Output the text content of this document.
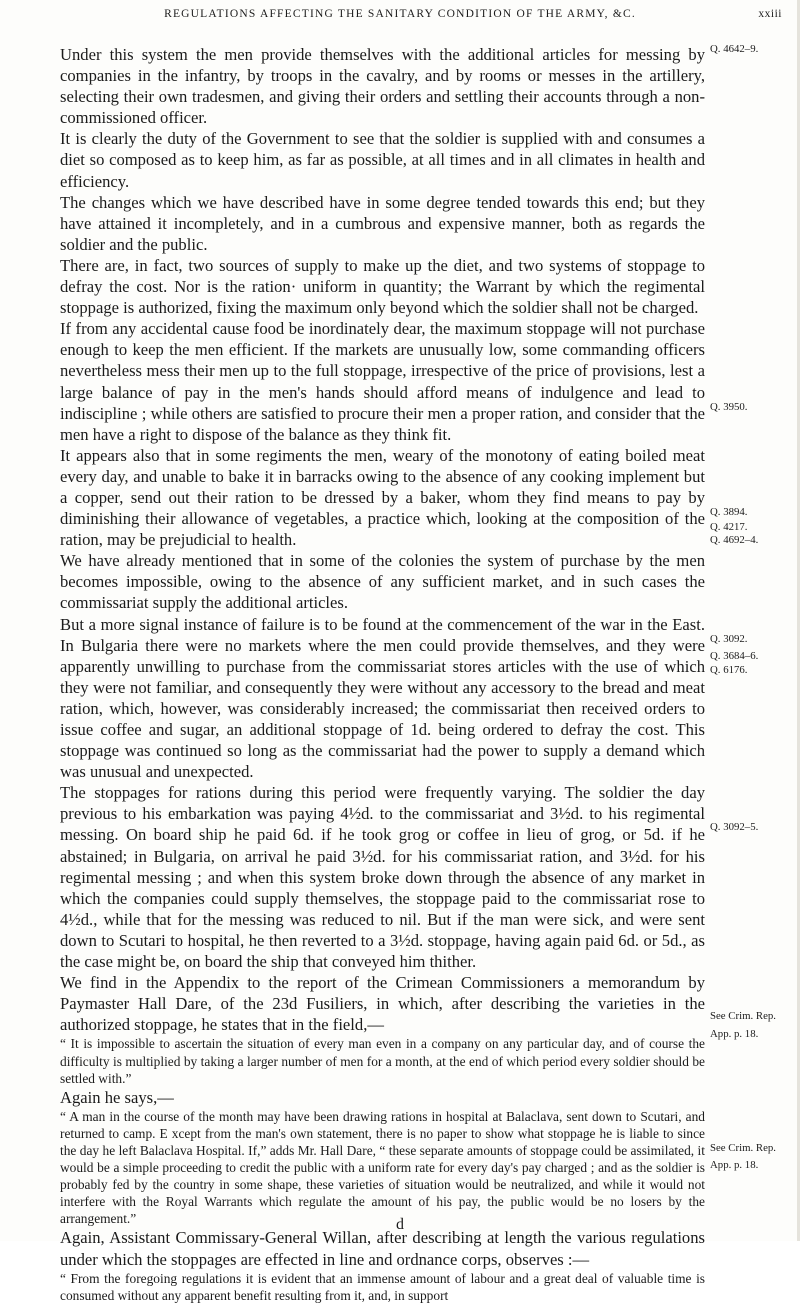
REGULATIONS AFFECTING THE SANITARY CONDITION OF THE ARMY, &C.	xxiii

Under this system the men provide themselves with the additional articles for messing by companies in the infantry, by troops in the cavalry, and by rooms or messes in the artillery, selecting their own tradesmen, and giving their orders and settling their accounts through a non-commissioned officer.

It is clearly the duty of the Government to see that the soldier is supplied with and consumes a diet so composed as to keep him, as far as possible, at all times and in all climates in health and efficiency.

The changes which we have described have in some degree tended towards this end; but they have attained it incompletely, and in a cumbrous and expensive manner, both as regards the soldier and the public.

There are, in fact, two sources of supply to make up the diet, and two systems of stoppage to defray the cost. Nor is the ration· uniform in quantity; the Warrant by which the regimental stoppage is authorized, fixing the maximum only beyond which the soldier shall not be charged.

If from any accidental cause food be inordinately dear, the maximum stoppage will not purchase enough to keep the men efficient. If the markets are unusually low, some commanding officers nevertheless mess their men up to the full stoppage, irrespective of the price of provisions, lest a large balance of pay in the men's hands should afford means of indulgence and lead to indiscipline ; while others are satisfied to procure their men a proper ration, and consider that the men have a right to dispose of the balance as they think fit.

It appears also that in some regiments the men, weary of the monotony of eating boiled meat every day, and unable to bake it in barracks owing to the absence of any cooking implement but a copper, send out their ration to be dressed by a baker, whom they find means to pay by diminishing their allowance of vegetables, a practice which, looking at the composition of the ration, may be prejudicial to health.

We have already mentioned that in some of the colonies the system of purchase by the men becomes impossible, owing to the absence of any sufficient market, and in such cases the commissariat supply the additional articles.

But a more signal instance of failure is to be found at the commencement of the war in the East. In Bulgaria there were no markets where the men could provide themselves, and they were apparently unwilling to purchase from the commissariat stores articles with the use of which they were not familiar, and consequently they were without any accessory to the bread and meat ration, which, however, was considerably increased; the commissariat then received orders to issue coffee and sugar, an additional stoppage of 1d. being ordered to defray the cost. This stoppage was continued so long as the commissariat had the power to supply a demand which was unusual and unexpected.

The stoppages for rations during this period were frequently varying. The soldier the day previous to his embarkation was paying 4½d. to the commissariat and 3½d. to his regimental messing. On board ship he paid 6d. if he took grog or coffee in lieu of grog, or 5d. if he abstained; in Bulgaria, on arrival he paid 3½d. for his commissariat ration, and 3½d. for his regimental messing ; and when this system broke down through the absence of any market in which the companies could supply themselves, the stoppage paid to the commissariat rose to 4½d., while that for the messing was reduced to nil. But if the man were sick, and were sent down to Scutari to hospital, he then reverted to a 3½d. stoppage, having again paid 6d. or 5d., as the case might be, on board the ship that conveyed him thither.

We find in the Appendix to the report of the Crimean Commissioners a memorandum by Paymaster Hall Dare, of the 23d Fusiliers, in which, after describing the varieties in the authorized stoppage, he states that in the field,—

“ It is impossible to ascertain the situation of every man even in a company on any particular day, and of course the difficulty is multiplied by taking a larger number of men for a month, at the end of which period every soldier should be settled with.”

Again he says,—

“ A man in the course of the month may have been drawing rations in hospital at Balaclava, sent down to Scutari, and returned to camp. E xcept from the man's own statement, there is no paper to show what stoppage he is liable to since the day he left Balaclava Hospital. If,” adds Mr. Hall Dare, “ these separate amounts of stoppage could be assimilated, it would be a simple proceeding to credit the public with a uniform rate for every day's pay charged ; and as the soldier is probably fed by the country in some shape, these varieties of situation would be neutralized, and while it would not interfere with the Royal Warrants which regulate the amount of his pay, the public would be no losers by the arrangement.”

Again, Assistant Commissary-General Willan, after describing at length the various regulations under which the stoppages are effected in line and ordnance corps, observes :—

“ From the foregoing regulations it is evident that an immense amount of labour and a great deal of valuable time is consumed without any apparent benefit resulting from it, and, in support

Q. 4642–9.
Q. 3950.
Q. 3894.
Q. 4217.
Q. 4692–4.
Q. 3092.
Q. 3684–6.
Q. 6176.
Q. 3092–5.
See Crim. Rep.
App. p. 18.
See Crim. Rep.
App. p. 18.
d
